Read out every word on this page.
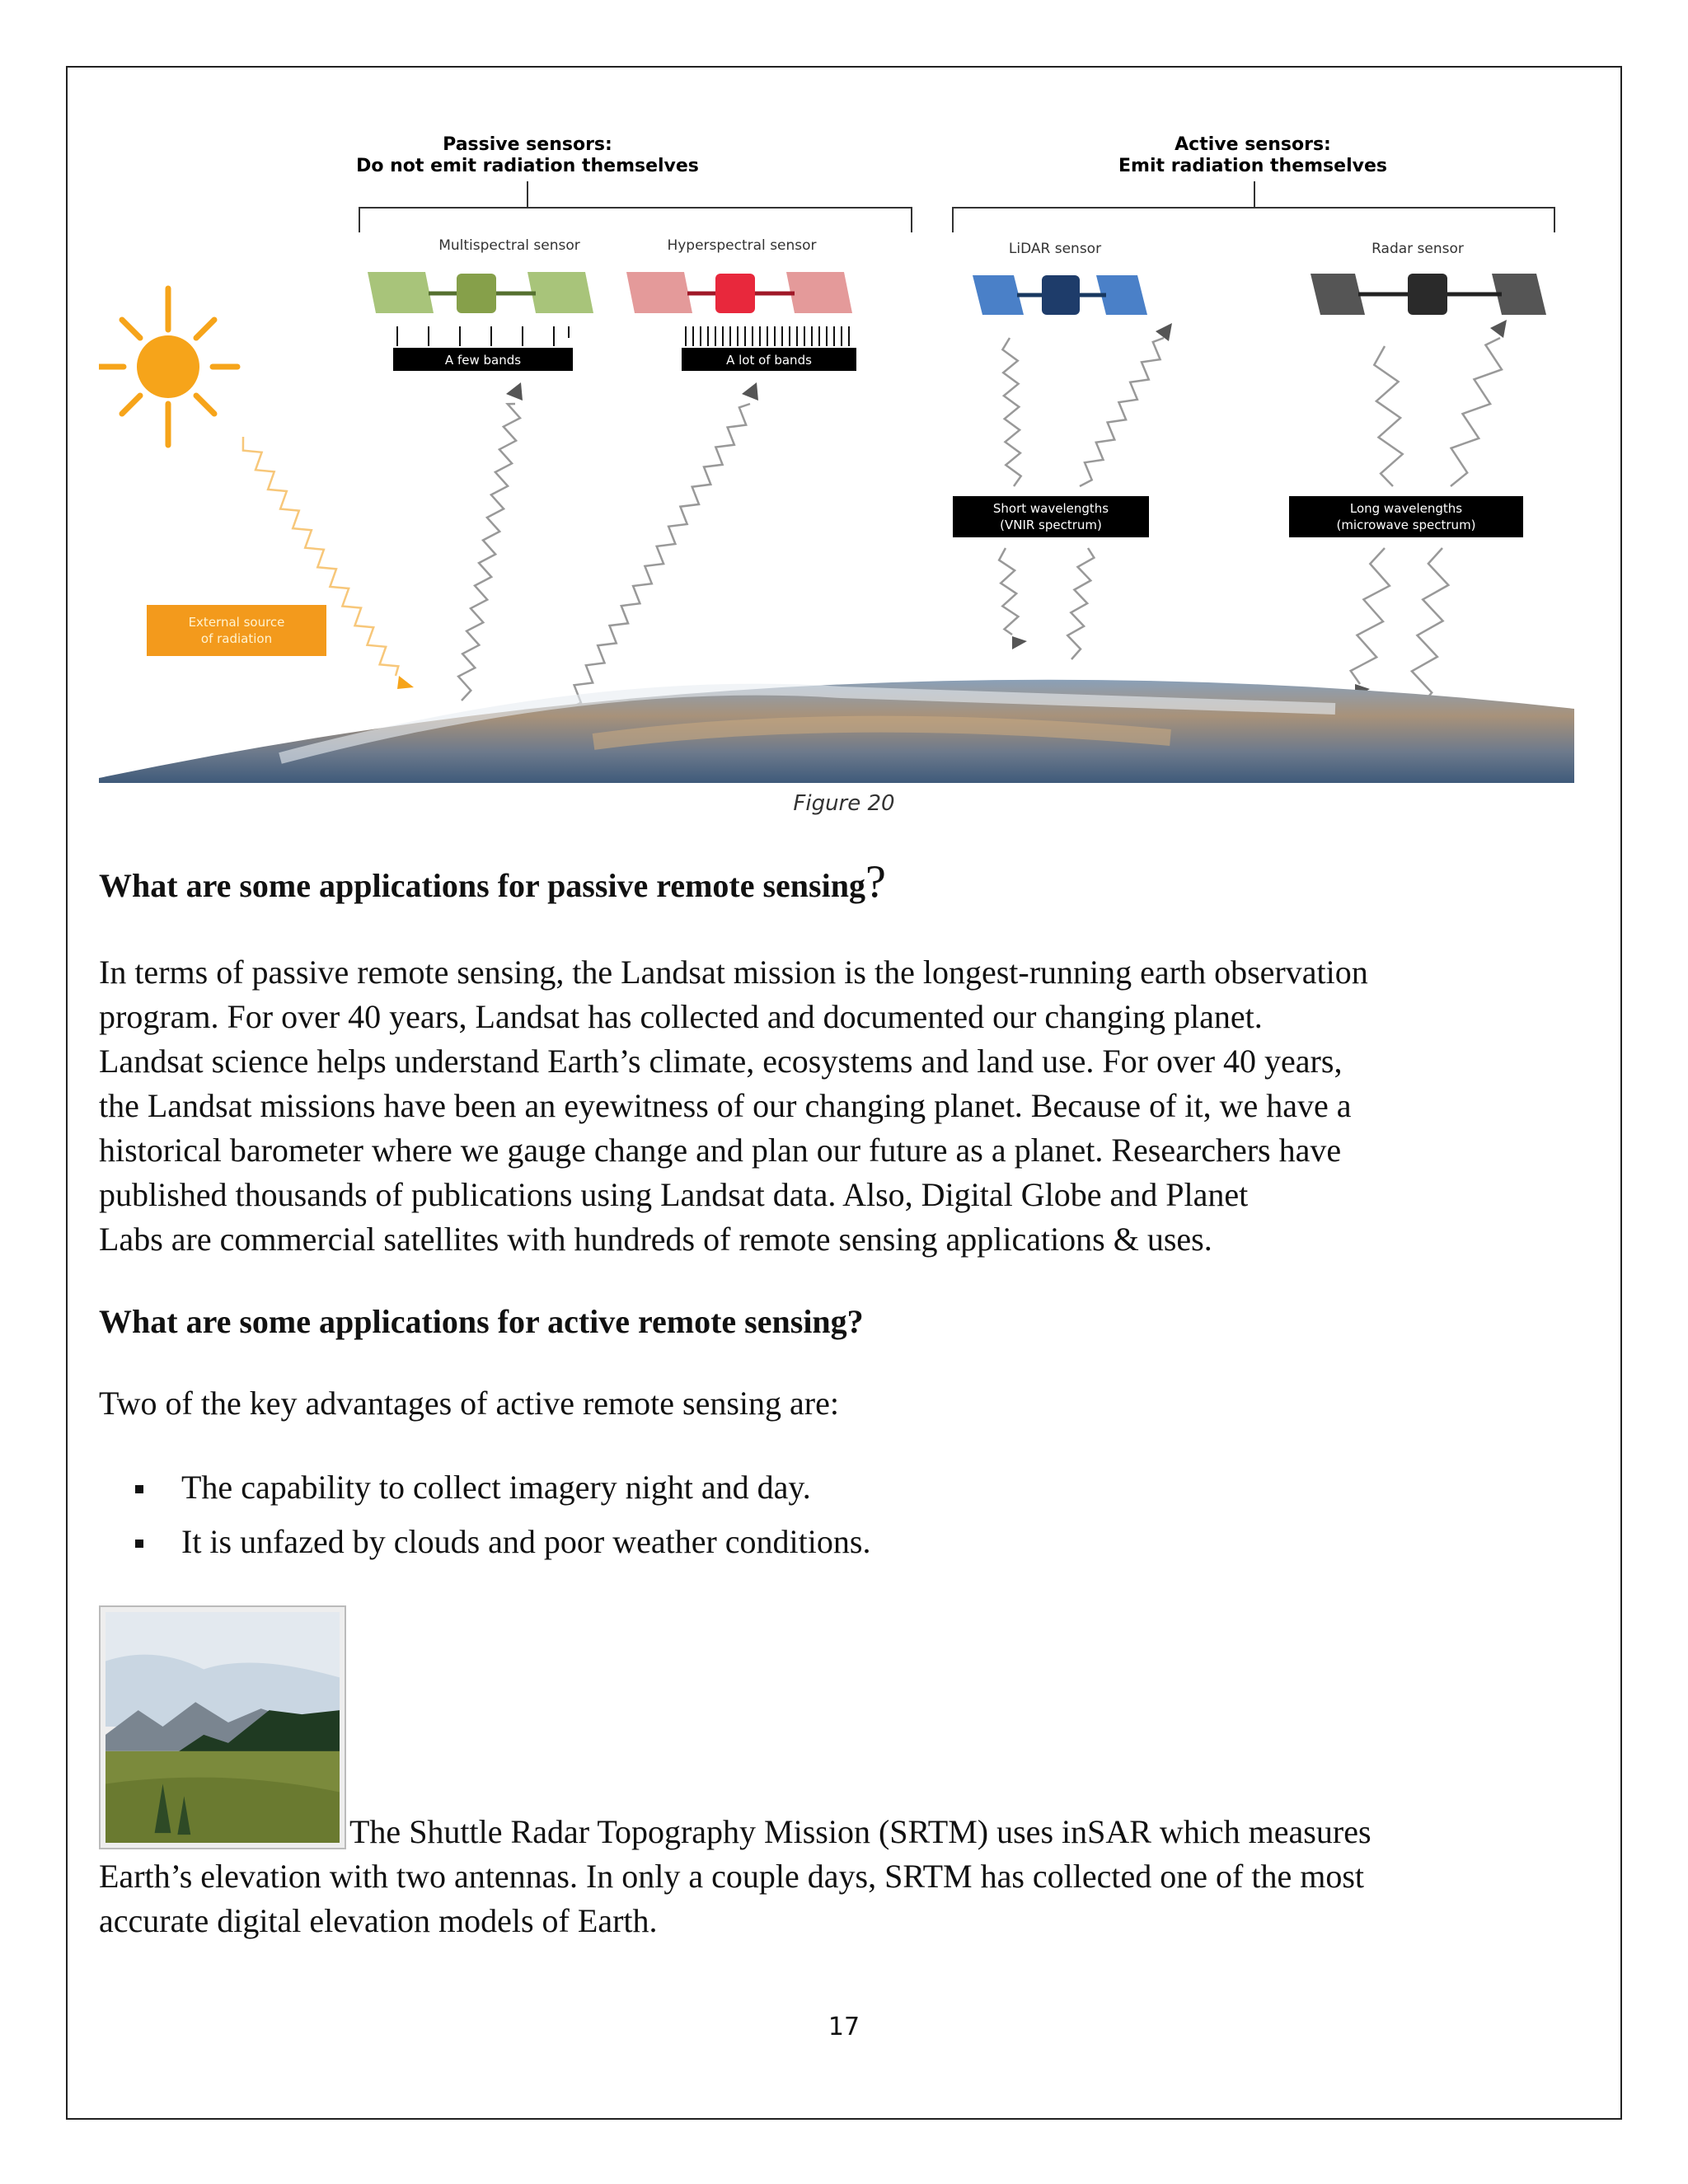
Passive sensors:
Do not emit radiation themselves
Active sensors:
Emit radiation themselves
Multispectral sensor	Hyperspectral sensor	LiDAR sensor	Radar sensor
A few bands	A lot of bands
Short wavelengths
(VNIR spectrum)
Long wavelengths
(microwave spectrum)
External source
of radiation
Figure 20
What are some applications for passive remote sensing?
In terms of passive remote sensing, the Landsat mission is the longest-running earth observation
program. For over 40 years, Landsat has collected and documented our changing planet.
Landsat science helps understand Earth’s climate, ecosystems and land use. For over 40 years,
the Landsat missions have been an eyewitness of our changing planet. Because of it, we have a
historical barometer where we gauge change and plan our future as a planet. Researchers have
published thousands of publications using Landsat data. Also, Digital Globe and Planet
Labs are commercial satellites with hundreds of remote sensing applications & uses.
What are some applications for active remote sensing?
Two of the key advantages of active remote sensing are:
The capability to collect imagery night and day.
It is unfazed by clouds and poor weather conditions.
The Shuttle Radar Topography Mission (SRTM) uses inSAR which measures
Earth’s elevation with two antennas. In only a couple days, SRTM has collected one of the most
accurate digital elevation models of Earth.
17
